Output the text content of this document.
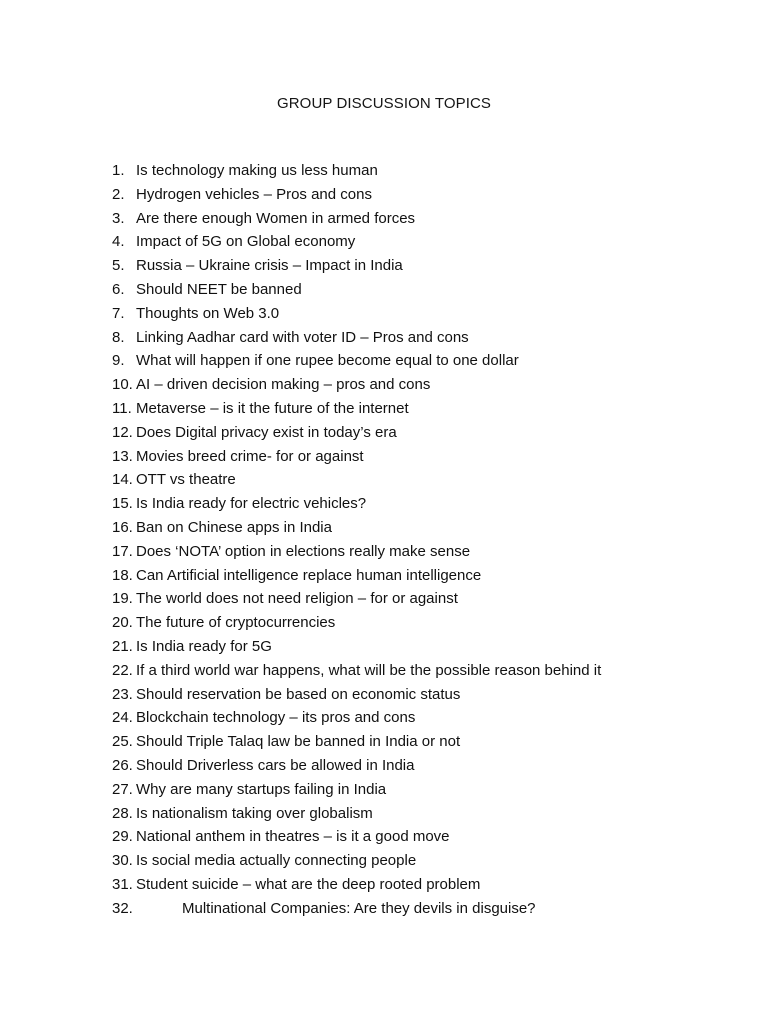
GROUP DISCUSSION TOPICS
1. Is technology making us less human
2. Hydrogen vehicles – Pros and cons
3. Are there enough Women in armed forces
4. Impact of 5G on Global economy
5. Russia – Ukraine crisis – Impact in India
6. Should NEET be banned
7. Thoughts on Web 3.0
8. Linking Aadhar card with voter ID – Pros and cons
9. What will happen if one rupee become equal to one dollar
10. AI – driven decision making – pros and cons
11. Metaverse – is it the future of the internet
12. Does Digital privacy exist in today’s era
13. Movies breed crime- for or against
14. OTT vs theatre
15. Is India ready for electric vehicles?
16. Ban on Chinese apps in India
17. Does ‘NOTA’ option in elections really make sense
18. Can Artificial intelligence replace human intelligence
19. The world does not need religion – for or against
20. The future of cryptocurrencies
21. Is India ready for 5G
22. If a third world war happens, what will be the possible reason behind it
23. Should reservation be based on economic status
24. Blockchain technology – its pros and cons
25. Should Triple Talaq law be banned in India or not
26. Should Driverless cars be allowed in India
27. Why are many startups failing in India
28. Is nationalism taking over globalism
29. National anthem in theatres – is it a good move
30. Is social media actually connecting people
31. Student suicide – what are the deep rooted problem
32.	Multinational Companies: Are they devils in disguise?
